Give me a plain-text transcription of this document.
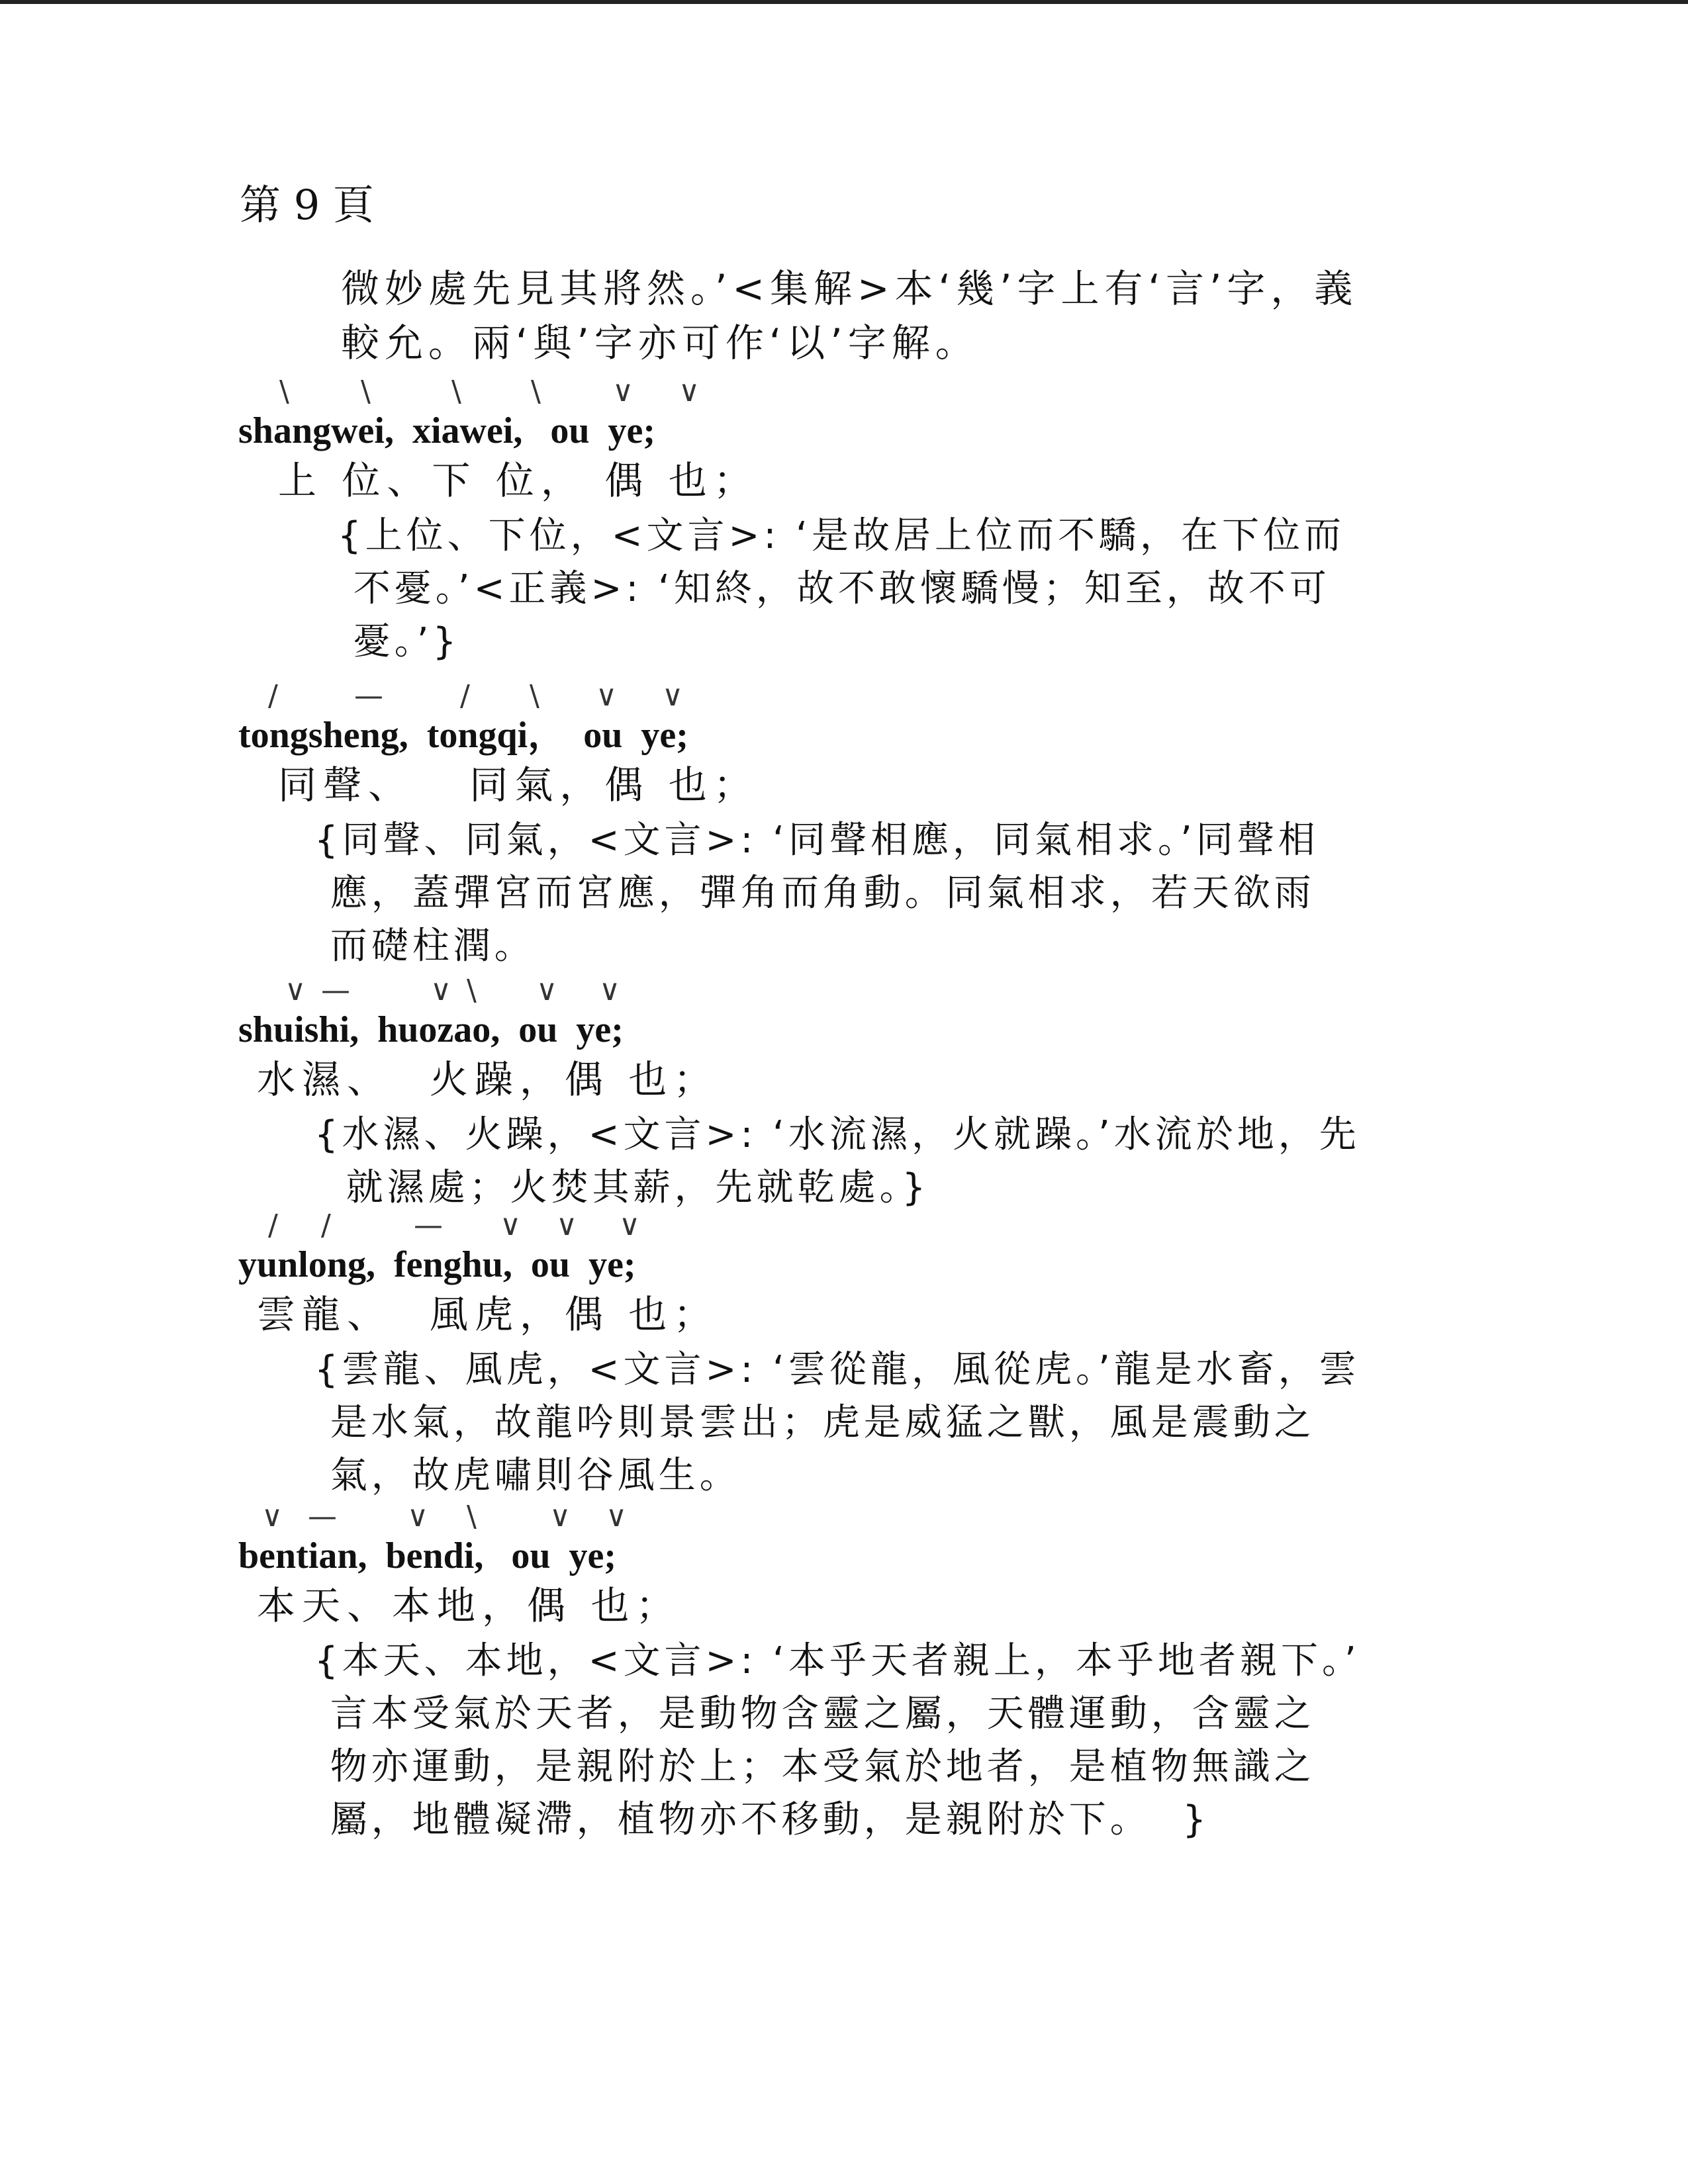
第 9 頁
微妙處先見其將然。’<集解>本‘幾’字上有‘言’字，義
較允。兩‘與’字亦可作‘以’字解。
\ \	\ \ ∨ ∨
shangwei,  xiawei,   ou  ye;
上 位、下 位， 偶 也；
{上位、下位，<文言>: ‘是故居上位而不驕，在下位而
不憂。’<正義>: ‘知終，故不敢懷驕慢；知至，故不可
憂。’}
/	—	/ \ ∨ ∨
tongsheng,  tongqi，  ou  ye;
同聲、   同氣，偶 也；
{同聲、同氣，<文言>: ‘同聲相應，同氣相求。’同聲相
應，蓋彈宮而宮應，彈角而角動。同氣相求，若天欲雨
而礎柱潤。
∨ —	∨ \ ∨ ∨
shuishi,  huozao,  ou  ye;
水濕、  火躁，偶 也；
{水濕、火躁，<文言>: ‘水流濕，火就躁。’水流於地，先
就濕處；火焚其薪，先就乾處。}
/ /	— ∨ ∨ ∨
yunlong,  fenghu,  ou  ye;
雲龍、  風虎，偶 也；
{雲龍、風虎，<文言>: ‘雲從龍，風從虎。’龍是水畜，雲
是水氣，故龍吟則景雲出；虎是威猛之獸，風是震動之
氣，故虎嘯則谷風生。
∨ — ∨ \	∨ ∨
bentian,  bendi,   ou  ye;
本天、本地，偶 也；
{本天、本地，<文言>: ‘本乎天者親上，本乎地者親下。’
言本受氣於天者，是動物含靈之屬，天體運動，含靈之
物亦運動，是親附於上；本受氣於地者，是植物無識之
屬，地體凝滯，植物亦不移動，是親附於下。  }
